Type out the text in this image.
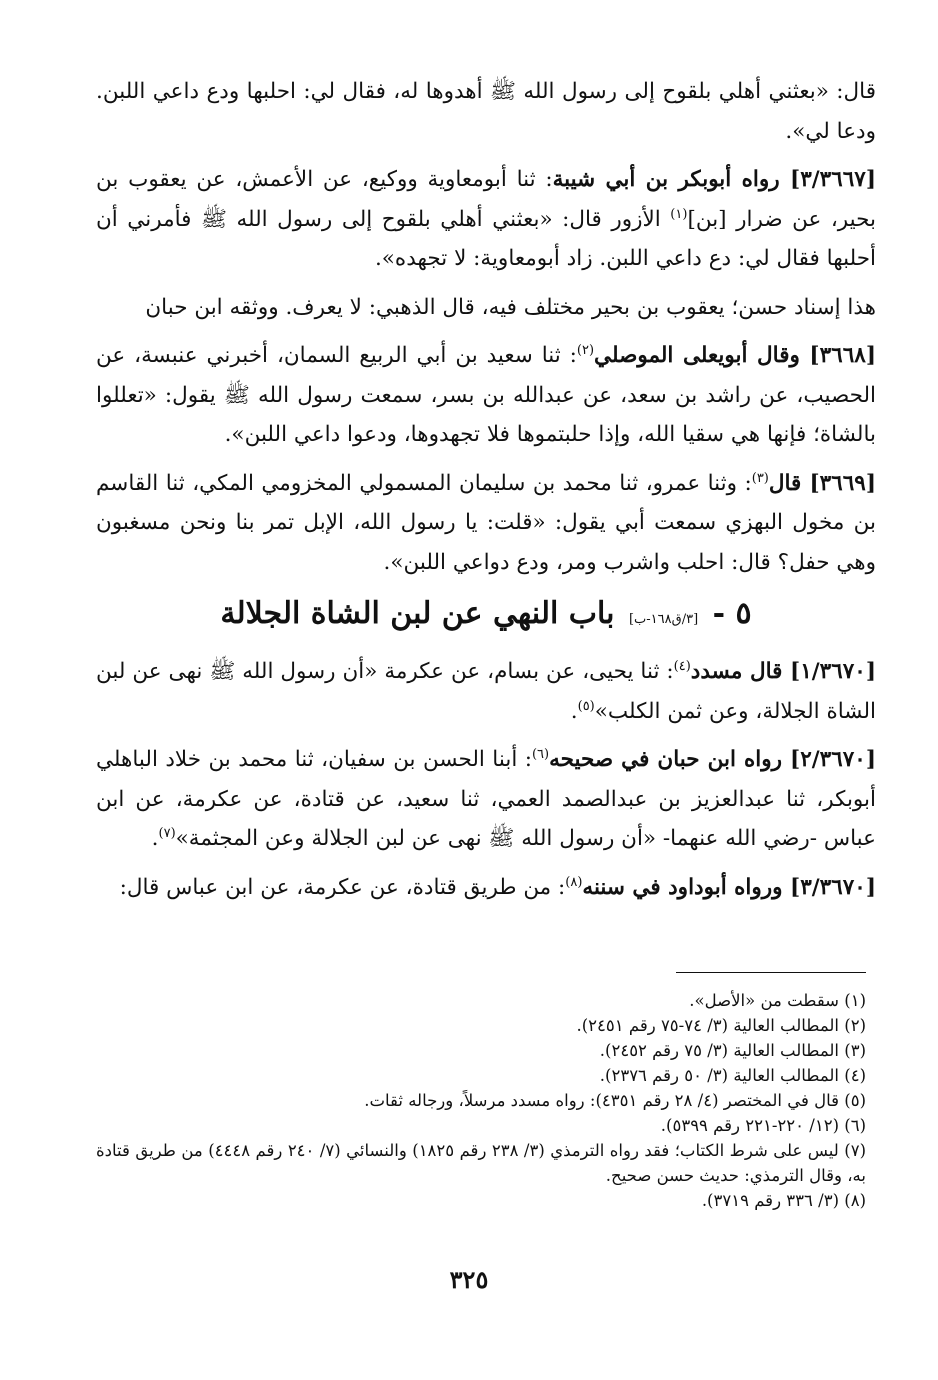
قال: «بعثني أهلي بلقوح إلى رسول الله ﷺ أهدوها له، فقال لي: احلبها ودع داعي اللبن. ودعا لي».

[٣/٣٦٦٧] رواه أبوبكر بن أبي شيبة: ثنا أبومعاوية ووكيع، عن الأعمش، عن يعقوب بن بحير، عن ضرار [بن]$^{(١)}$ الأزور قال: «بعثني أهلي بلقوح إلى رسول الله ﷺ فأمرني أن أحلبها فقال لي: دع داعي اللبن. زاد أبومعاوية: لا تجهده».

هذا إسناد حسن؛ يعقوب بن بحير مختلف فيه، قال الذهبي: لا يعرف. ووثقه ابن حبان

[٣٦٦٨] وقال أبويعلى الموصلي$^{(٢)}$: ثنا سعيد بن أبي الربيع السمان، أخبرني عنبسة، عن الحصيب، عن راشد بن سعد، عن عبدالله بن بسر، سمعت رسول الله ﷺ يقول: «تعللوا بالشاة؛ فإنها هي سقيا الله، وإذا حلبتموها فلا تجهدوها، ودعوا داعي اللبن».

[٣٦٦٩] قال$^{(٣)}$: وثنا عمرو، ثنا محمد بن سليمان المسمولي المخزومي المكي، ثنا القاسم بن مخول البهزي سمعت أبي يقول: «قلت: يا رسول الله، الإبل تمر بنا ونحن مسغبون وهي حفل؟ قال: احلب واشرب ومر، ودع دواعي اللبن».

٥ - [٣/ق١٦٨-ب] باب النهي عن لبن الشاة الجلالة

[١/٣٦٧٠] قال مسدد$^{(٤)}$: ثنا يحيى، عن بسام، عن عكرمة «أن رسول الله ﷺ نهى عن لبن الشاة الجلالة، وعن ثمن الكلب»$^{(٥)}$.

[٢/٣٦٧٠] رواه ابن حبان في صحيحه$^{(٦)}$: أبنا الحسن بن سفيان، ثنا محمد بن خلاد الباهلي أبوبكر، ثنا عبدالعزيز بن عبدالصمد العمي، ثنا سعيد، عن قتادة، عن عكرمة، عن ابن عباس -رضي الله عنهما- «أن رسول الله ﷺ نهى عن لبن الجلالة وعن المجثمة»$^{(٧)}$.

[٣/٣٦٧٠] ورواه أبوداود في سننه$^{(٨)}$: من طريق قتادة، عن عكرمة، عن ابن عباس قال:

(١) سقطت من «الأصل».

(٢) المطالب العالية (٣/ ٧٤-٧٥ رقم ٢٤٥١).

(٣) المطالب العالية (٣/ ٧٥ رقم ٢٤٥٢).

(٤) المطالب العالية (٣/ ٥٠ رقم ٢٣٧٦).

(٥) قال في المختصر (٤/ ٢٨ رقم ٤٣٥١): رواه مسدد مرسلاً، ورجاله ثقات.

(٦) (١٢/ ٢٢٠-٢٢١ رقم ٥٣٩٩).

(٧) ليس على شرط الكتاب؛ فقد رواه الترمذي (٣/ ٢٣٨ رقم ١٨٢٥) والنسائي (٧/ ٢٤٠ رقم ٤٤٤٨) من طريق قتادة به، وقال الترمذي: حديث حسن صحيح.

(٨) (٣/ ٣٣٦ رقم ٣٧١٩).

٣٢٥
